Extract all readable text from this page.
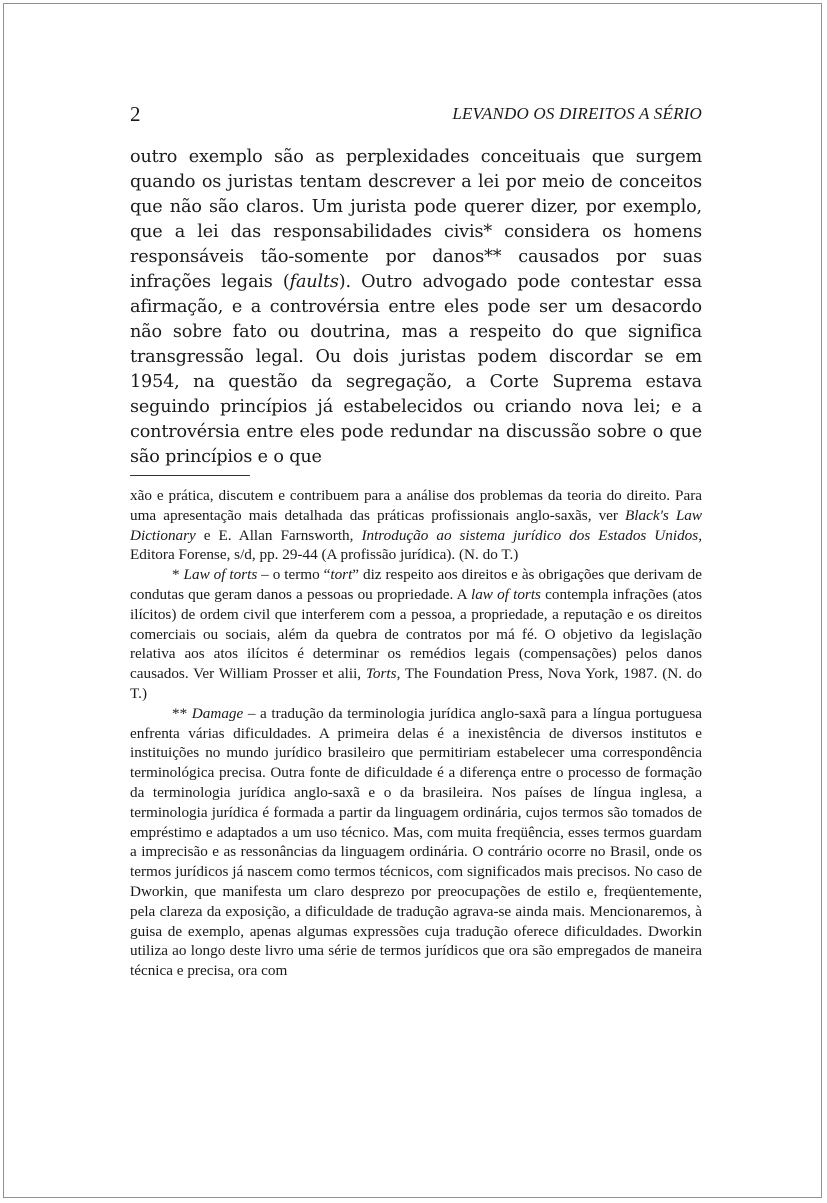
2	LEVANDO OS DIREITOS A SÉRIO

outro exemplo são as perplexidades conceituais que surgem quando os juristas tentam descrever a lei por meio de conceitos que não são claros. Um jurista pode querer dizer, por exemplo, que a lei das responsabilidades civis* considera os homens responsáveis tão-somente por danos** causados por suas infrações legais (faults). Outro advogado pode contestar essa afirmação, e a controvérsia entre eles pode ser um desacordo não sobre fato ou doutrina, mas a respeito do que significa transgressão legal. Ou dois juristas podem discordar se em 1954, na questão da segregação, a Corte Suprema estava seguindo princípios já estabelecidos ou criando nova lei; e a controvérsia entre eles pode redundar na discussão sobre o que são princípios e o que

xão e prática, discutem e contribuem para a análise dos problemas da teoria do direito. Para uma apresentação mais detalhada das práticas profissionais anglo-saxãs, ver Black's Law Dictionary e E. Allan Farnsworth, Introdução ao sistema jurídico dos Estados Unidos, Editora Forense, s/d, pp. 29-44 (A profissão jurídica). (N. do T.)

* Law of torts – o termo “tort” diz respeito aos direitos e às obrigações que derivam de condutas que geram danos a pessoas ou propriedade. A law of torts contempla infrações (atos ilícitos) de ordem civil que interferem com a pessoa, a propriedade, a reputação e os direitos comerciais ou sociais, além da quebra de contratos por má fé. O objetivo da legislação relativa aos atos ilícitos é determinar os remédios legais (compensações) pelos danos causados. Ver William Prosser et alii, Torts, The Foundation Press, Nova York, 1987. (N. do T.)

** Damage – a tradução da terminologia jurídica anglo-saxã para a língua portuguesa enfrenta várias dificuldades. A primeira delas é a inexistência de diversos institutos e instituições no mundo jurídico brasileiro que permitiriam estabelecer uma correspondência terminológica precisa. Outra fonte de dificuldade é a diferença entre o processo de formação da terminologia jurídica anglo-saxã e o da brasileira. Nos países de língua inglesa, a terminologia jurídica é formada a partir da linguagem ordinária, cujos termos são tomados de empréstimo e adaptados a um uso técnico. Mas, com muita freqüência, esses termos guardam a imprecisão e as ressonâncias da linguagem ordinária. O contrário ocorre no Brasil, onde os termos jurídicos já nascem como termos técnicos, com significados mais precisos. No caso de Dworkin, que manifesta um claro desprezo por preocupações de estilo e, freqüentemente, pela clareza da exposição, a dificuldade de tradução agrava-se ainda mais. Mencionaremos, à guisa de exemplo, apenas algumas expressões cuja tradução oferece dificuldades. Dworkin utiliza ao longo deste livro uma série de termos jurídicos que ora são empregados de maneira técnica e precisa, ora com
